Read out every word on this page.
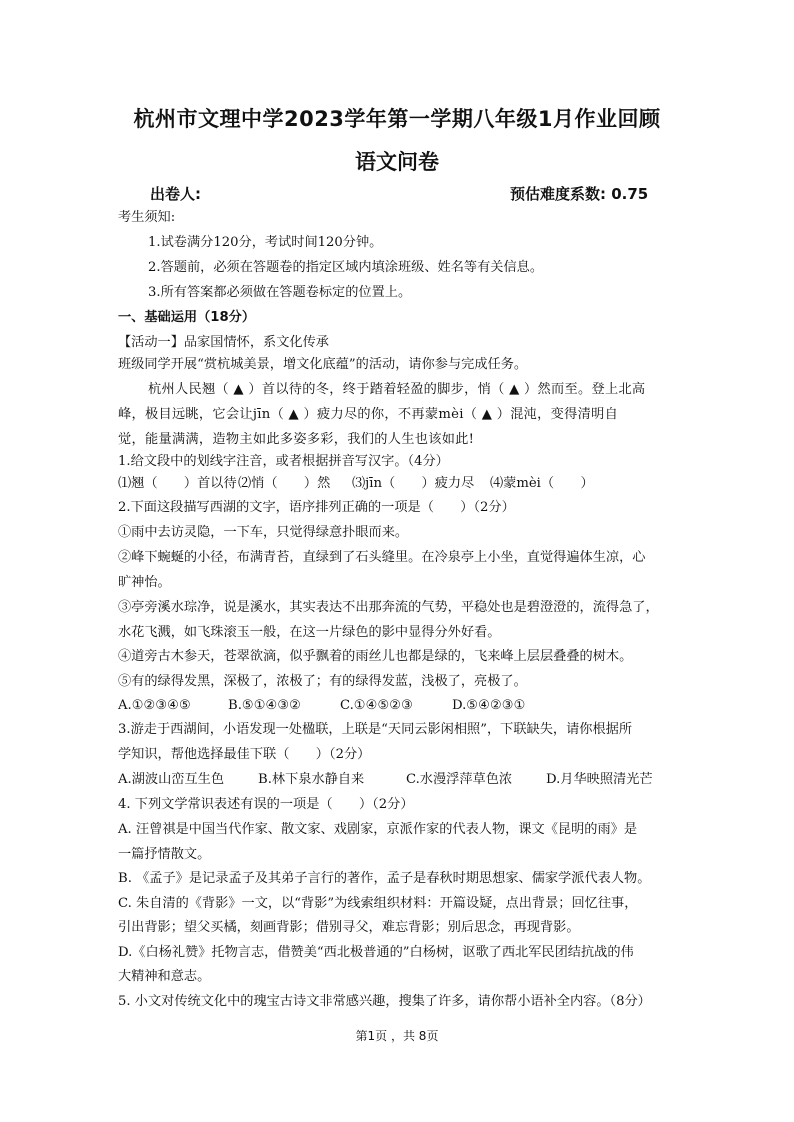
杭州市文理中学2023学年第一学期八年级1月作业回顾
语文问卷
出卷人:	预估难度系数: 0.75
考生须知:
1.试卷满分120分，考试时间120分钟。
2.答题前，必须在答题卷的指定区域内填涂班级、姓名等有关信息。
3.所有答案都必须做在答题卷标定的位置上。
一、基础运用（18分）
【活动一】品家国情怀，系文化传承
班级同学开展“赏杭城美景，增文化底蕴”的活动，请你参与完成任务。
杭州人民翘（ ▲ ）首以待的冬，终于踏着轻盈的脚步，悄（ ▲ ）然而至。登上北高
峰，极目远眺，它会让jīn（ ▲ ）疲力尽的你，不再蒙mèi（ ▲ ）混沌，变得清明自
觉，能量满满，造物主如此多姿多彩，我们的人生也该如此!
1.给文段中的划线字注音，或者根据拼音写汉字。（4分）
⑴翘（　　）首以待⑵悄（　　）然 ⑶jīn（　　）疲力尽 ⑷蒙mèi（　　）
2.下面这段描写西湖的文字，语序排列正确的一项是（　　）（2分）
①雨中去访灵隐，一下车，只觉得绿意扑眼而来。
②峰下蜿蜒的小径，布满青苔，直绿到了石头缝里。在冷泉亭上小坐，直觉得遍体生凉，心
旷神怡。
③亭旁溪水琮净，说是溪水，其实表达不出那奔流的气势，平稳处也是碧澄澄的，流得急了，
水花飞溅，如飞珠滚玉一般，在这一片绿色的影中显得分外好看。
④道旁古木参天，苍翠欲滴，似乎飘着的雨丝儿也都是绿的，飞来峰上层层叠叠的树木。
⑤有的绿得发黑，深极了，浓极了；有的绿得发蓝，浅极了，亮极了。
A.①②③④⑤	B.⑤①④③②	C.①④⑤②③	D.⑤④②③①
3.游走于西湖间，小语发现一处楹联，上联是“天同云影闲相照”，下联缺失，请你根据所
学知识，帮他选择最佳下联（　　）（2分）
A.湖波山峦互生色	B.林下泉水静自来	C.水漫浮萍草色浓	D.月华映照清光芒
4. 下列文学常识表述有误的一项是（　　）（2分）
A. 汪曾祺是中国当代作家、散文家、戏剧家，京派作家的代表人物，课文《昆明的雨》是
一篇抒情散文。
B. 《孟子》是记录孟子及其弟子言行的著作，孟子是春秋时期思想家、儒家学派代表人物。
C. 朱自清的《背影》一文，以“背影”为线索组织材料：开篇设疑，点出背景；回忆往事，
引出背影；望父买橘，刻画背影；借别寻父，难忘背影；别后思念，再现背影。
D.《白杨礼赞》托物言志，借赞美“西北极普通的”白杨树，讴歌了西北军民团结抗战的伟
大精神和意志。
5. 小文对传统文化中的瑰宝古诗文非常感兴趣，搜集了许多，请你帮小语补全内容。（8分）
第1页 ，共 8页
